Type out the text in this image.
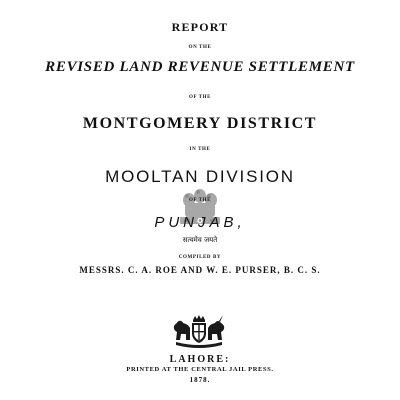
REPORT
ON THE
REVISED LAND REVENUE SETTLEMENT
OF THE
MONTGOMERY DISTRICT
IN THE
MOOLTAN DIVISION
OF THE
PUNJAB,
सत्यमेव जयते
COMPILED BY
MESSRS. C. A. ROE AND W. E. PURSER, B. C. S.
LAHORE:
PRINTED AT THE CENTRAL JAIL PRESS.
1878.
